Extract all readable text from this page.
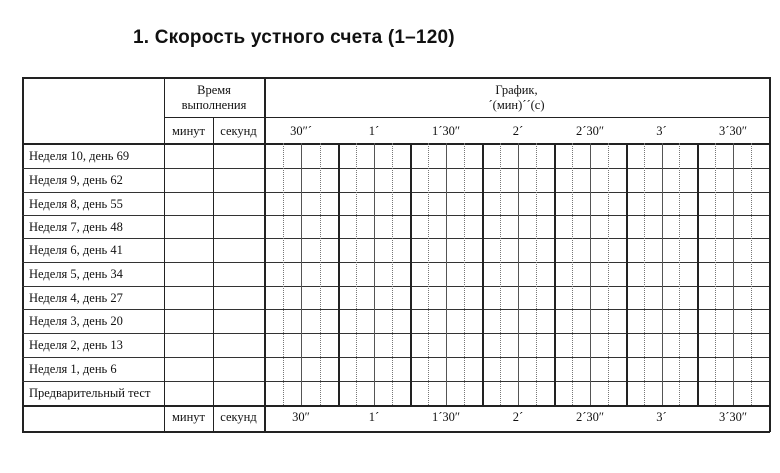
1. Скорость устного счета (1–120)
Время
выполнения
График,
´(мин)´´(с)
минут секунд	30″´	1´	1´30″	2´	2´30″	3´	3´30″
Неделя 10, день 69
Неделя 9, день 62
Неделя 8, день 55
Неделя 7, день 48
Неделя 6, день 41
Неделя 5, день 34
Неделя 4, день 27
Неделя 3, день 20
Неделя 2, день 13
Неделя 1, день 6
Предварительный тест
минут секунд	30″	1´	1´30″	2´	2´30″	3´	3´30″
